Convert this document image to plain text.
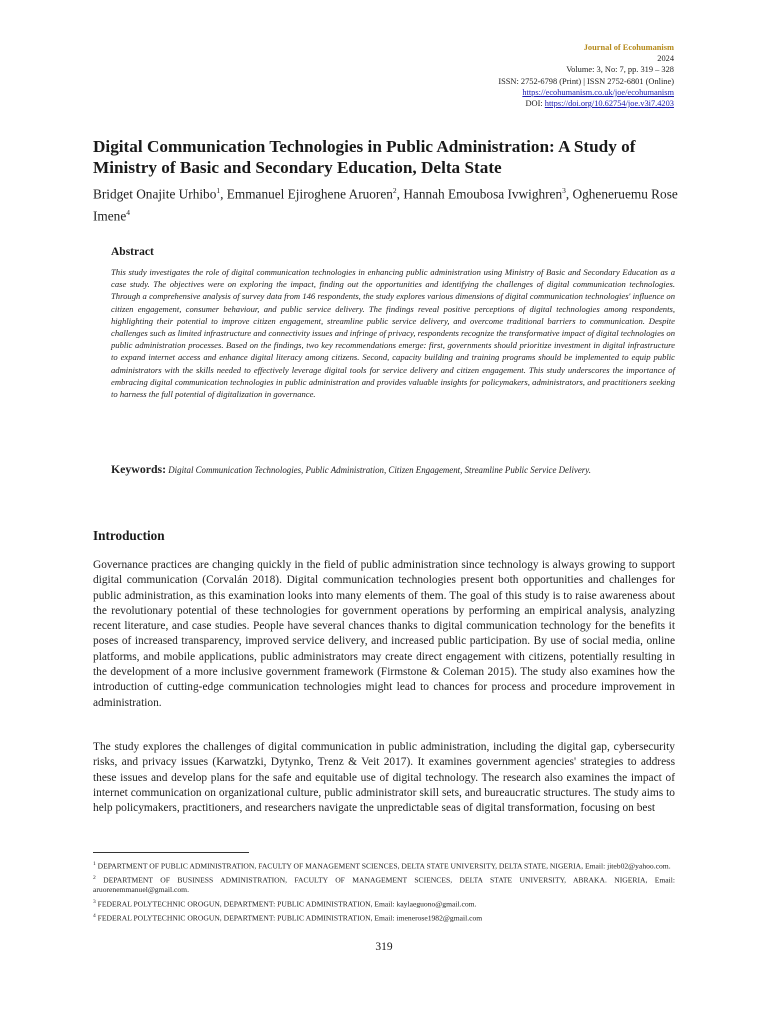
Journal of Ecohumanism
2024
Volume: 3, No: 7, pp. 319 – 328
ISSN: 2752-6798 (Print) | ISSN 2752-6801 (Online)
https://ecohumanism.co.uk/joe/ecohumanism
DOI: https://doi.org/10.62754/joe.v3i7.4203
Digital Communication Technologies in Public Administration: A Study of Ministry of Basic and Secondary Education, Delta State

Bridget Onajite Urhibo$^1$, Emmanuel Ejiroghene Aruoren$^2$, Hannah Emoubosa Ivwighren$^3$, Ogheneruemu Rose Imene$^4$

Abstract

This study investigates the role of digital communication technologies in enhancing public administration using Ministry of Basic and Secondary Education as a case study. The objectives were on exploring the impact, finding out the opportunities and identifying the challenges of digital communication technologies. Through a comprehensive analysis of survey data from 146 respondents, the study explores various dimensions of digital communication technologies' influence on citizen engagement, consumer behaviour, and public service delivery. The findings reveal positive perceptions of digital technologies among respondents, highlighting their potential to improve citizen engagement, streamline public service delivery, and overcome traditional barriers to communication. Despite challenges such as limited infrastructure and connectivity issues and infringe of privacy, respondents recognize the transformative impact of digital technologies on public administration processes. Based on the findings, two key recommendations emerge: first, governments should prioritize investment in digital infrastructure to expand internet access and enhance digital literacy among citizens. Second, capacity building and training programs should be implemented to equip public administrators with the skills needed to effectively leverage digital tools for service delivery and citizen engagement. This study underscores the importance of embracing digital communication technologies in public administration and provides valuable insights for policymakers, administrators, and practitioners seeking to harness the full potential of digitalization in governance.

Keywords: Digital Communication Technologies, Public Administration, Citizen Engagement, Streamline Public Service Delivery.

Introduction

Governance practices are changing quickly in the field of public administration since technology is always growing to support digital communication (Corvalán 2018). Digital communication technologies present both opportunities and challenges for public administration, as this examination looks into many elements of them. The goal of this study is to raise awareness about the revolutionary potential of these technologies for government operations by performing an empirical analysis, analyzing recent literature, and case studies. People have several chances thanks to digital communication technology for the benefits it poses of increased transparency, improved service delivery, and increased public participation. By use of social media, online platforms, and mobile applications, public administrators may create direct engagement with citizens, potentially resulting in the development of a more inclusive government framework (Firmstone & Coleman 2015). The study also examines how the introduction of cutting-edge communication technologies might lead to chances for process and procedure improvement in administration.

The study explores the challenges of digital communication in public administration, including the digital gap, cybersecurity risks, and privacy issues (Karwatzki, Dytynko, Trenz & Veit 2017). It examines government agencies' strategies to address these issues and develop plans for the safe and equitable use of digital technology. The research also examines the impact of internet communication on organizational culture, public administrator skill sets, and bureaucratic structures. The study aims to help policymakers, practitioners, and researchers navigate the unpredictable seas of digital transformation, focusing on best

$^1$ DEPARTMENT OF PUBLIC ADMINISTRATION, FACULTY OF MANAGEMENT SCIENCES, DELTA STATE UNIVERSITY, DELTA STATE, NIGERIA, Email: jiteb02@yahoo.com.

$^2$ DEPARTMENT OF BUSINESS ADMINISTRATION, FACULTY OF MANAGEMENT SCIENCES, DELTA STATE UNIVERSITY, ABRAKA. NIGERIA, Email: aruorenemmanuel@gmail.com.

$^3$ FEDERAL POLYTECHNIC OROGUN, DEPARTMENT: PUBLIC ADMINISTRATION, Email: kaylaeguono@gmail.com.

$^4$ FEDERAL POLYTECHNIC OROGUN, DEPARTMENT: PUBLIC ADMINISTRATION, Email: imenerose1982@gmail.com

319
